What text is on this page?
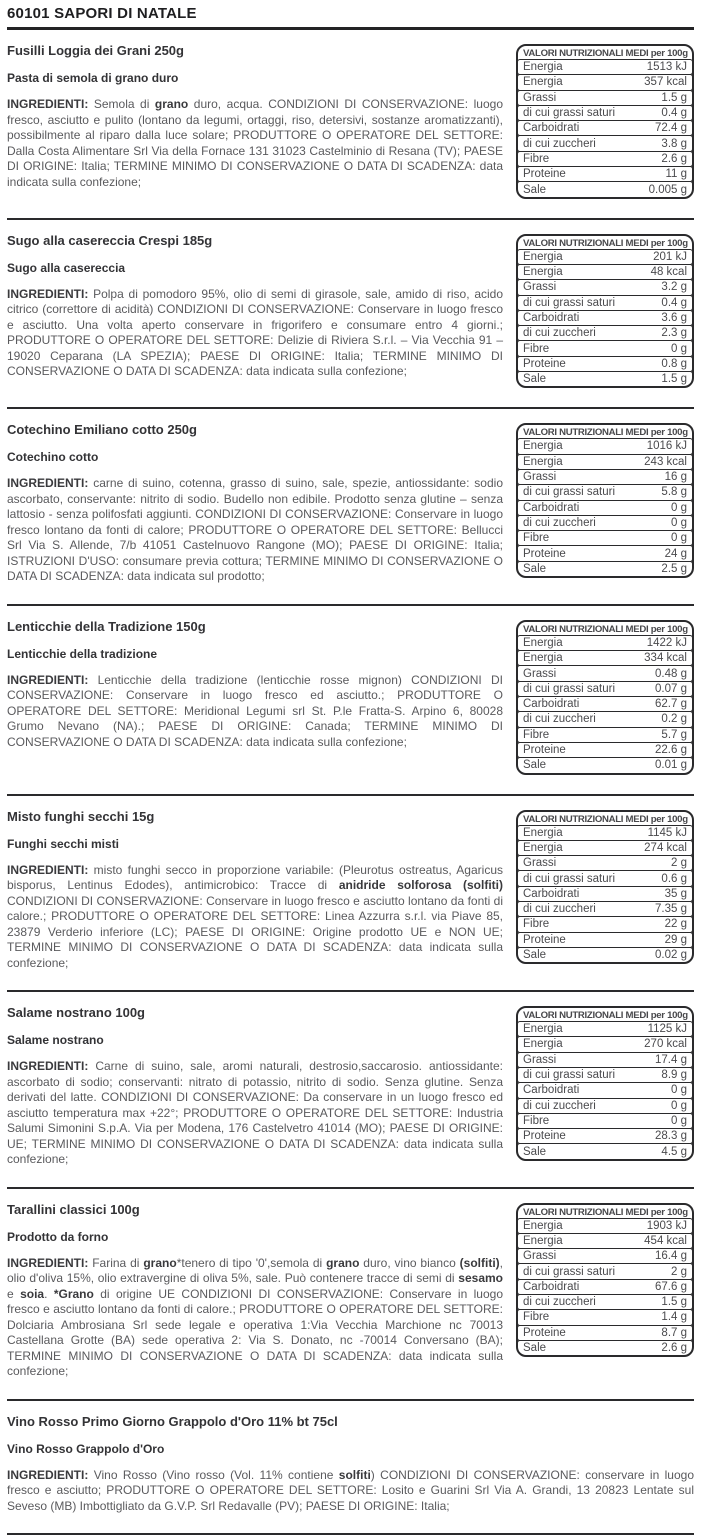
60101 SAPORI DI NATALE
Fusilli Loggia dei Grani 250g
Pasta di semola di grano duro

INGREDIENTI: Semola di grano duro, acqua. CONDIZIONI DI CONSERVAZIONE: luogo fresco, asciutto e pulito (lontano da legumi, ortaggi, riso, detersivi, sostanze aromatizzanti), possibilmente al riparo dalla luce solare; PRODUTTORE O OPERATORE DEL SETTORE: Dalla Costa Alimentare Srl Via della Fornace 131 31023 Castelminio di Resana (TV); PAESE DI ORIGINE: Italia; TERMINE MINIMO DI CONSERVAZIONE O DATA DI SCADENZA: data indicata sulla confezione;

VALORI NUTRIZIONALI MEDI per 100g
Energia	1513 kJ
Energia	357 kcal
Grassi	1.5 g
di cui grassi saturi	0.4 g
Carboidrati	72.4 g
di cui zuccheri	3.8 g
Fibre	2.6 g
Proteine	11 g
Sale	0.005 g
Sugo alla casereccia Crespi 185g
Sugo alla casereccia

INGREDIENTI: Polpa di pomodoro 95%, olio di semi di girasole, sale, amido di riso, acido citrico (correttore di acidità) CONDIZIONI DI CONSERVAZIONE: Conservare in luogo fresco e asciutto. Una volta aperto conservare in frigorifero e consumare entro 4 giorni.; PRODUTTORE O OPERATORE DEL SETTORE: Delizie di Riviera S.r.l. – Via Vecchia 91 – 19020 Ceparana (LA SPEZIA); PAESE DI ORIGINE: Italia; TERMINE MINIMO DI CONSERVAZIONE O DATA DI SCADENZA: data indicata sulla confezione;

VALORI NUTRIZIONALI MEDI per 100g
Energia	201 kJ
Energia	48 kcal
Grassi	3.2 g
di cui grassi saturi	0.4 g
Carboidrati	3.6 g
di cui zuccheri	2.3 g
Fibre	0 g
Proteine	0.8 g
Sale	1.5 g
Cotechino Emiliano cotto 250g
Cotechino cotto

INGREDIENTI: carne di suino, cotenna, grasso di suino, sale, spezie, antiossidante: sodio ascorbato, conservante: nitrito di sodio. Budello non edibile. Prodotto senza glutine – senza lattosio - senza polifosfati aggiunti. CONDIZIONI DI CONSERVAZIONE: Conservare in luogo fresco lontano da fonti di calore; PRODUTTORE O OPERATORE DEL SETTORE: Bellucci Srl Via S. Allende, 7/b 41051 Castelnuovo Rangone (MO); PAESE DI ORIGINE: Italia; ISTRUZIONI D'USO: consumare previa cottura; TERMINE MINIMO DI CONSERVAZIONE O DATA DI SCADENZA: data indicata sul prodotto;

VALORI NUTRIZIONALI MEDI per 100g
Energia	1016 kJ
Energia	243 kcal
Grassi	16 g
di cui grassi saturi	5.8 g
Carboidrati	0 g
di cui zuccheri	0 g
Fibre	0 g
Proteine	24 g
Sale	2.5 g
Lenticchie della Tradizione 150g
Lenticchie della tradizione

INGREDIENTI: Lenticchie della tradizione (lenticchie rosse mignon) CONDIZIONI DI CONSERVAZIONE: Conservare in luogo fresco ed asciutto.; PRODUTTORE O OPERATORE DEL SETTORE: Meridional Legumi srl St. P.le Fratta-S. Arpino 6, 80028 Grumo Nevano (NA).; PAESE DI ORIGINE: Canada; TERMINE MINIMO DI CONSERVAZIONE O DATA DI SCADENZA: data indicata sulla confezione;

VALORI NUTRIZIONALI MEDI per 100g
Energia	1422 kJ
Energia	334 kcal
Grassi	0.48 g
di cui grassi saturi	0.07 g
Carboidrati	62.7 g
di cui zuccheri	0.2 g
Fibre	5.7 g
Proteine	22.6 g
Sale	0.01 g
Misto funghi secchi 15g
Funghi secchi misti

INGREDIENTI: misto funghi secco in proporzione variabile: (Pleurotus ostreatus, Agaricus bisporus, Lentinus Edodes), antimicrobico: Tracce di anidride solforosa (solfiti) CONDIZIONI DI CONSERVAZIONE: Conservare in luogo fresco e asciutto lontano da fonti di calore.; PRODUTTORE O OPERATORE DEL SETTORE: Linea Azzurra s.r.l. via Piave 85, 23879 Verderio inferiore (LC); PAESE DI ORIGINE: Origine prodotto UE e NON UE; TERMINE MINIMO DI CONSERVAZIONE O DATA DI SCADENZA: data indicata sulla confezione;

VALORI NUTRIZIONALI MEDI per 100g
Energia	1145 kJ
Energia	274 kcal
Grassi	2 g
di cui grassi saturi	0.6 g
Carboidrati	35 g
di cui zuccheri	7.35 g
Fibre	22 g
Proteine	29 g
Sale	0.02 g
Salame nostrano 100g
Salame nostrano

INGREDIENTI: Carne di suino, sale, aromi naturali, destrosio,saccarosio. antiossidante: ascorbato di sodio; conservanti: nitrato di potassio, nitrito di sodio. Senza glutine. Senza derivati del latte. CONDIZIONI DI CONSERVAZIONE: Da conservare in un luogo fresco ed asciutto temperatura max +22°; PRODUTTORE O OPERATORE DEL SETTORE: Industria Salumi Simonini S.p.A. Via per Modena, 176 Castelvetro 41014 (MO); PAESE DI ORIGINE: UE; TERMINE MINIMO DI CONSERVAZIONE O DATA DI SCADENZA: data indicata sulla confezione;

VALORI NUTRIZIONALI MEDI per 100g
Energia	1125 kJ
Energia	270 kcal
Grassi	17.4 g
di cui grassi saturi	8.9 g
Carboidrati	0 g
di cui zuccheri	0 g
Fibre	0 g
Proteine	28.3 g
Sale	4.5 g
Tarallini classici 100g
Prodotto da forno

INGREDIENTI: Farina di grano*tenero di tipo '0',semola di grano duro, vino bianco (solfiti), olio d'oliva 15%, olio extravergine di oliva 5%, sale. Può contenere tracce di semi di sesamo e soia. *Grano di origine UE CONDIZIONI DI CONSERVAZIONE: Conservare in luogo fresco e asciutto lontano da fonti di calore.; PRODUTTORE O OPERATORE DEL SETTORE: Dolciaria Ambrosiana Srl sede legale e operativa 1:Via Vecchia Marchione nc 70013 Castellana Grotte (BA) sede operativa 2: Via S. Donato, nc -70014 Conversano (BA); TERMINE MINIMO DI CONSERVAZIONE O DATA DI SCADENZA: data indicata sulla confezione;

VALORI NUTRIZIONALI MEDI per 100g
Energia	1903 kJ
Energia	454 kcal
Grassi	16.4 g
di cui grassi saturi	2 g
Carboidrati	67.6 g
di cui zuccheri	1.5 g
Fibre	1.4 g
Proteine	8.7 g
Sale	2.6 g
Vino Rosso Primo Giorno Grappolo d'Oro 11% bt 75cl
Vino Rosso Grappolo d'Oro

INGREDIENTI: Vino Rosso (Vino rosso (Vol. 11% contiene solfiti) CONDIZIONI DI CONSERVAZIONE: conservare in luogo fresco e asciutto; PRODUTTORE O OPERATORE DEL SETTORE: Losito e Guarini Srl Via A. Grandi, 13 20823 Lentate sul Seveso (MB) Imbottigliato da G.V.P. Srl Redavalle (PV); PAESE DI ORIGINE: Italia;
